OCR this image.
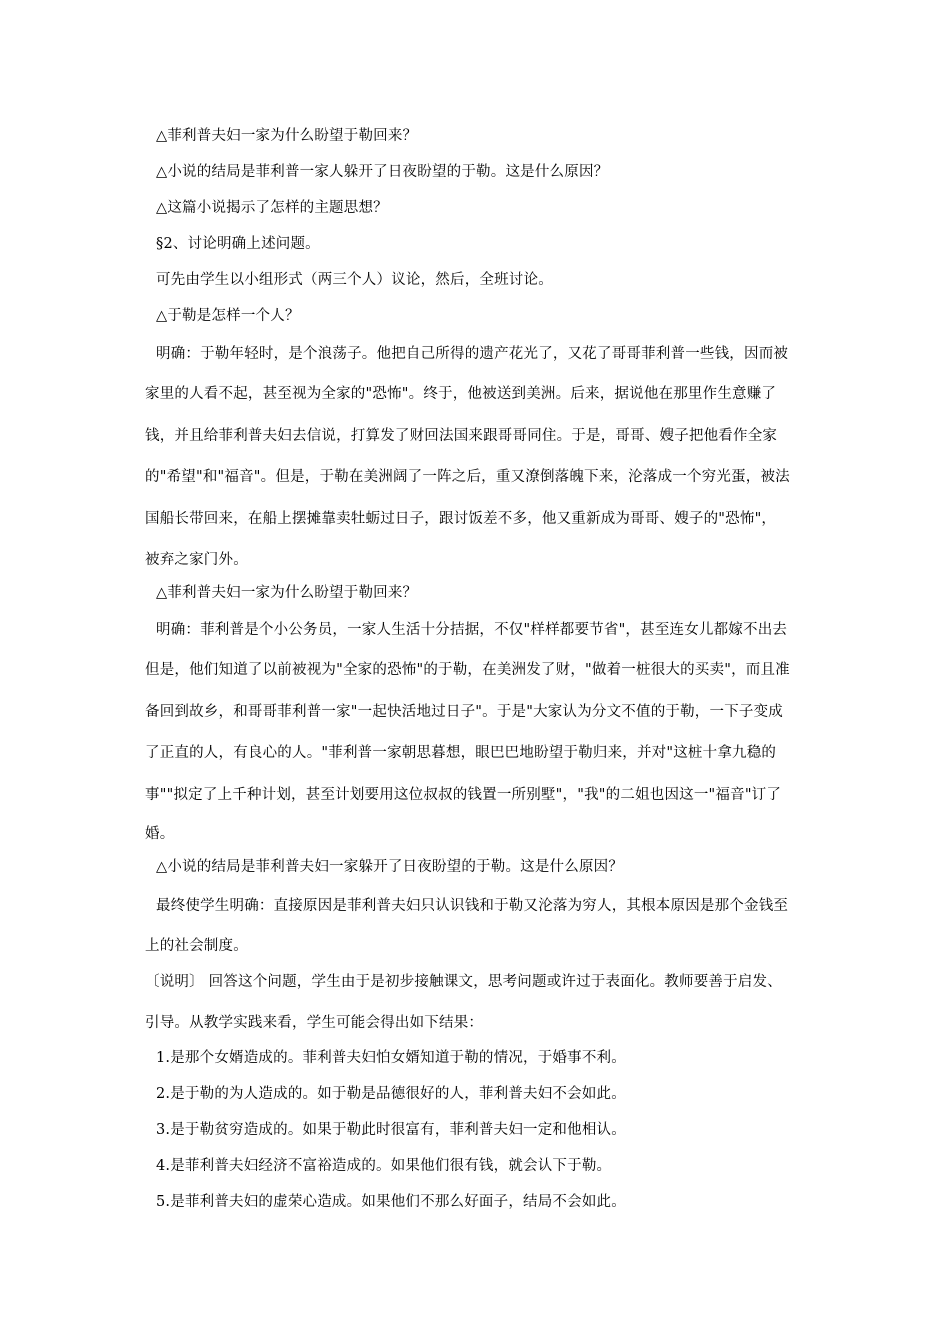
△菲利普夫妇一家为什么盼望于勒回来？
△小说的结局是菲利普一家人躲开了日夜盼望的于勒。这是什么原因？
△这篇小说揭示了怎样的主题思想？
§2、讨论明确上述问题。
可先由学生以小组形式（两三个人）议论，然后，全班讨论。
△于勒是怎样一个人？
明确：于勒年轻时，是个浪荡子。他把自己所得的遗产花光了，又花了哥哥菲利普一些钱，因而被
家里的人看不起，甚至视为全家的"恐怖"。终于，他被送到美洲。后来，据说他在那里作生意赚了
钱，并且给菲利普夫妇去信说，打算发了财回法国来跟哥哥同住。于是，哥哥、嫂子把他看作全家
的"希望"和"福音"。但是，于勒在美洲阔了一阵之后，重又潦倒落魄下来，沦落成一个穷光蛋，被法
国船长带回来，在船上摆摊靠卖牡蛎过日子，跟讨饭差不多，他又重新成为哥哥、嫂子的"恐怖"，
被弃之家门外。
△菲利普夫妇一家为什么盼望于勒回来？
明确：菲利普是个小公务员，一家人生活十分拮据，不仅"样样都要节省"，甚至连女儿都嫁不出去
但是，他们知道了以前被视为"全家的恐怖"的于勒，在美洲发了财，"做着一桩很大的买卖"，而且准
备回到故乡，和哥哥菲利普一家"一起快活地过日子"。于是"大家认为分文不值的于勒，一下子变成
了正直的人，有良心的人。"菲利普一家朝思暮想，眼巴巴地盼望于勒归来，并对"这桩十拿九稳的
事""拟定了上千种计划，甚至计划要用这位叔叔的钱置一所别墅"，"我"的二姐也因这一"福音"订了
婚。
△小说的结局是菲利普夫妇一家躲开了日夜盼望的于勒。这是什么原因？
最终使学生明确：直接原因是菲利普夫妇只认识钱和于勒又沦落为穷人，其根本原因是那个金钱至
上的社会制度。
〔说明〕 回答这个问题，学生由于是初步接触课文，思考问题或许过于表面化。教师要善于启发、
引导。从教学实践来看，学生可能会得出如下结果：
1.是那个女婿造成的。菲利普夫妇怕女婿知道于勒的情况，于婚事不利。
2.是于勒的为人造成的。如于勒是品德很好的人，菲利普夫妇不会如此。
3.是于勒贫穷造成的。如果于勒此时很富有，菲利普夫妇一定和他相认。
4.是菲利普夫妇经济不富裕造成的。如果他们很有钱，就会认下于勒。
5.是菲利普夫妇的虚荣心造成。如果他们不那么好面子，结局不会如此。
